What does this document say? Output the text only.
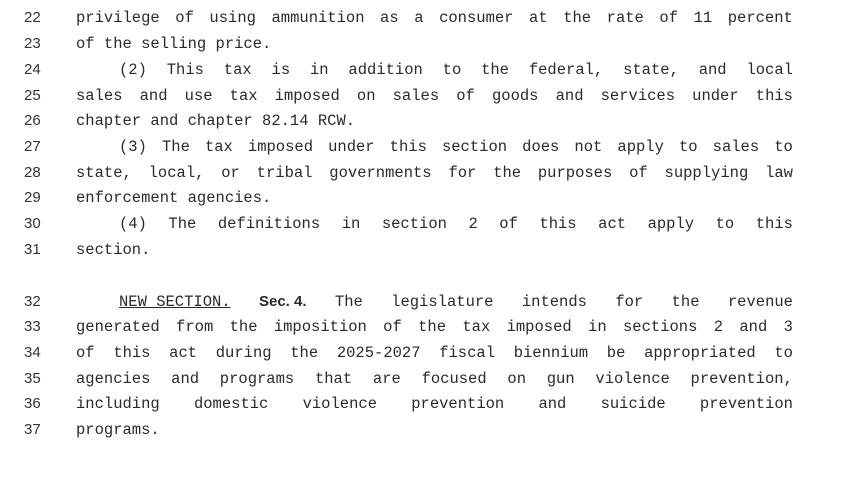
22	privilege of using ammunition as a consumer at the rate of 11 percent
23	of the selling price.
24	(2) This tax is in addition to the federal, state, and local
25	sales and use tax imposed on sales of goods and services under this
26	chapter and chapter 82.14 RCW.
27	(3) The tax imposed under this section does not apply to sales to
28	state, local, or tribal governments for the purposes of supplying law
29	enforcement agencies.
30	(4) The definitions in section 2 of this act apply to this
31	section.
32	NEW SECTION. Sec. 4. The legislature intends for the revenue
33	generated from the imposition of the tax imposed in sections 2 and 3
34	of this act during the 2025-2027 fiscal biennium be appropriated to
35	agencies and programs that are focused on gun violence prevention,
36	including domestic violence prevention and suicide prevention
37	programs.
